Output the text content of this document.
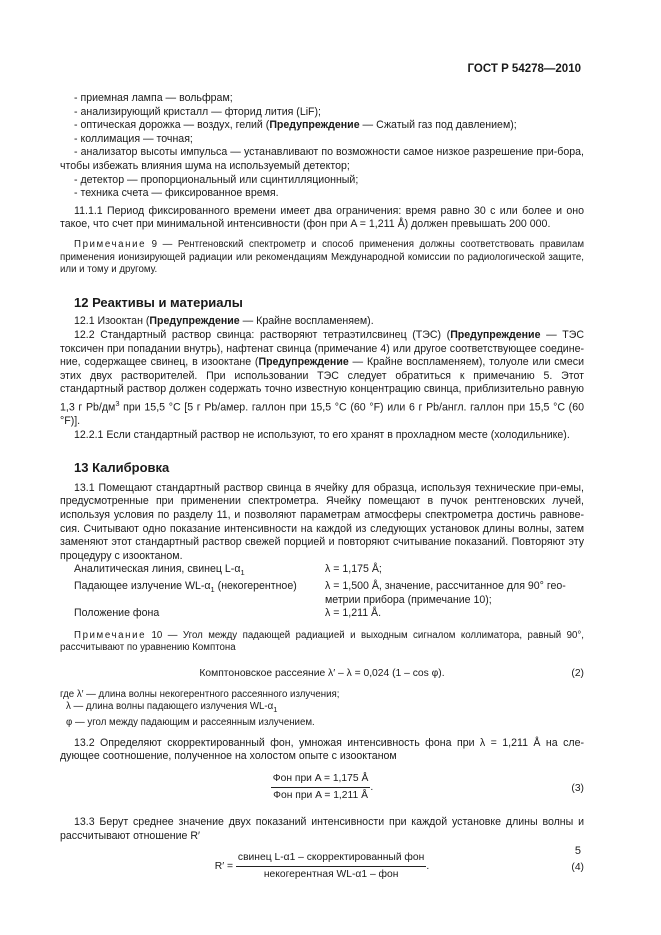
ГОСТ Р 54278—2010

- приемная лампа — вольфрам;

- анализирующий кристалл — фторид лития (LiF);

- оптическая дорожка — воздух, гелий (Предупреждение — Сжатый газ под давлением);

- коллимация — точная;

- анализатор высоты импульса — устанавливают по возможности самое низкое разрешение при-бора, чтобы избежать влияния шума на используемый детектор;

- детектор — пропорциональный или сцинтилляционный;

- техника счета — фиксированное время.

11.1.1 Период фиксированного времени имеет два ограничения: время равно 30 с или более и оно такое, что счет при минимальной интенсивности (фон при A = 1,211 Å) должен превышать 200 000.

Примечание 9 — Рентгеновский спектрометр и способ применения должны соответствовать правилам применения ионизирующей радиации или рекомендациям Международной комиссии по радиологической защите, или и тому и другому.

12 Реактивы и материалы

12.1 Изооктан (Предупреждение — Крайне воспламеняем).

12.2 Стандартный раствор свинца: растворяют тетраэтилсвинец (ТЭС) (Предупреждение — ТЭС токсичен при попадании внутрь), нафтенат свинца (примечание 4) или другое соответствующее соедине-ние, содержащее свинец, в изооктане (Предупреждение — Крайне воспламеняем), толуоле или смеси этих двух растворителей. При использовании ТЭС следует обратиться к примечанию 5. Этот стандартный раствор должен содержать точно известную концентрацию свинца, приблизительно равную 1,3 г $Pb/дм^3$ при 15,5 °С [5 г Pb/амер. галлон при 15,5 °С (60 °F) или 6 г Pb/англ. галлон при 15,5 °С (60 °F)].

12.2.1 Если стандартный раствор не используют, то его хранят в прохладном месте (холодильнике).

13 Калибровка

13.1 Помещают стандартный раствор свинца в ячейку для образца, используя технические при-емы, предусмотренные при применении спектрометра. Ячейку помещают в пучок рентгеновских лучей, используя условия по разделу 11, и позволяют параметрам атмосферы спектрометра достичь равнове-сия. Считывают одно показание интенсивности на каждой из следующих установок длины волны, затем заменяют этот стандартный раствор свежей порцией и повторяют считывание показаний. Повторяют эту процедуру с изооктаном.

Аналитическая линия, свинец $L-\alpha_1$	λ = 1,175 Å;
Падающее излучение $WL-\alpha_1$ (некогерентное)	λ = 1,500 Å, значение, рассчитанное для 90° гео-метрии прибора (примечание 10);
Положение фона	λ = 1,211 Å.

Примечание 10 — Угол между падающей радиацией и выходным сигналом коллиматора, равный 90°, рассчитывают по уравнению Комптона

Комптоновское рассеяние λ′ – λ = 0,024 (1 – cos φ).	(2)
где λ′ — длина волны некогерентного рассеянного излучения;
λ — длина волны падающего излучения $WL-\alpha_1$
φ — угол между падающим и рассеянным излучением.

13.2 Определяют скорректированный фон, умножая интенсивность фона при λ = 1,211 Å на сле-дующее соотношение, полученное на холостом опыте с изооктаном

$\frac{\text{Фон при A = 1,175 Å}}{\text{Фон при A = 1,211 Å}}$ .	(3)

13.3 Берут среднее значение двух показаний интенсивности при каждой установке длины волны и рассчитывают отношение R′

$R' = \frac{\text{свинец L-α1 – скорректированный фон}}{\text{некогерентная WL-α1 – фон}}$ .	(4)
5
